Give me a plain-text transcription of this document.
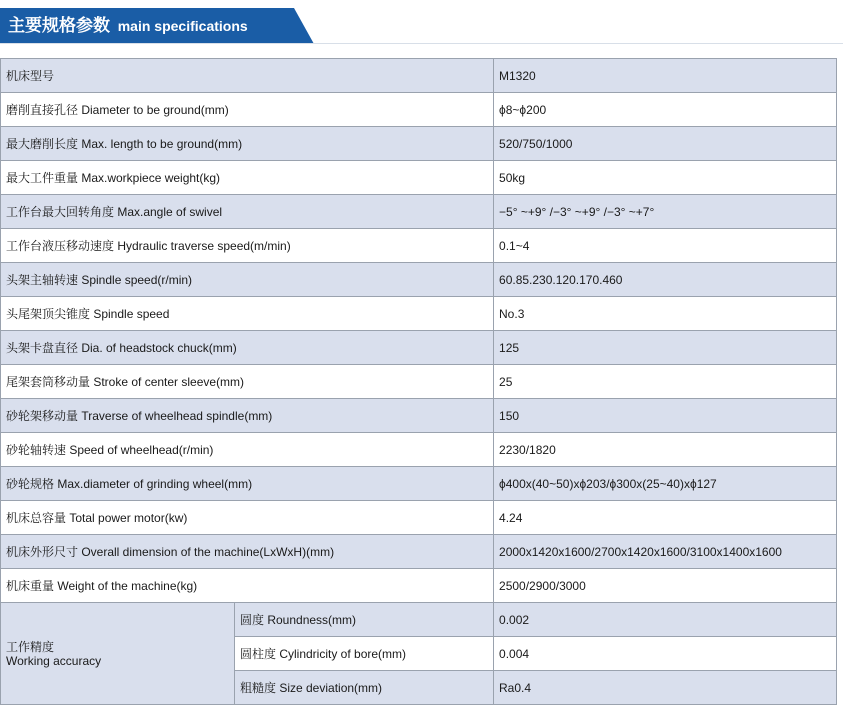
主要规格参数 main specifications
机床型号		M1320
磨削直接孔径 Diameter to be ground(mm)		ϕ8~ϕ200
最大磨削长度 Max. length to be ground(mm)		520/750/1000
最大工件重量 Max.workpiece weight(kg)		50kg
工作台最大回转角度 Max.angle of swivel		−5° ~+9° /−3° ~+9° /−3° ~+7°
工作台液压移动速度 Hydraulic traverse speed(m/min)		0.1~4
头架主轴转速 Spindle speed(r/min)		60.85.230.120.170.460
头尾架顶尖锥度 Spindle speed		No.3
头架卡盘直径 Dia. of headstock chuck(mm)		125
尾架套筒移动量 Stroke of center sleeve(mm)		25
砂轮架移动量 Traverse of wheelhead spindle(mm)		150
砂轮轴转速 Speed of wheelhead(r/min)		2230/1820
砂轮规格 Max.diameter of grinding wheel(mm)		ϕ400x(40~50)xϕ203/ϕ300x(25~40)xϕ127
机床总容量 Total power motor(kw)		4.24
机床外形尺寸 Overall dimension of the machine(LxWxH)(mm)		2000x1420x1600/2700x1420x1600/3100x1400x1600
机床重量 Weight of the machine(kg)		2500/2900/3000

工作精度
Working accuracy	圆度 Roundness(mm)	0.002
	圆柱度 Cylindricity of bore(mm)	0.004
	粗糙度 Size deviation(mm)	Ra0.4
